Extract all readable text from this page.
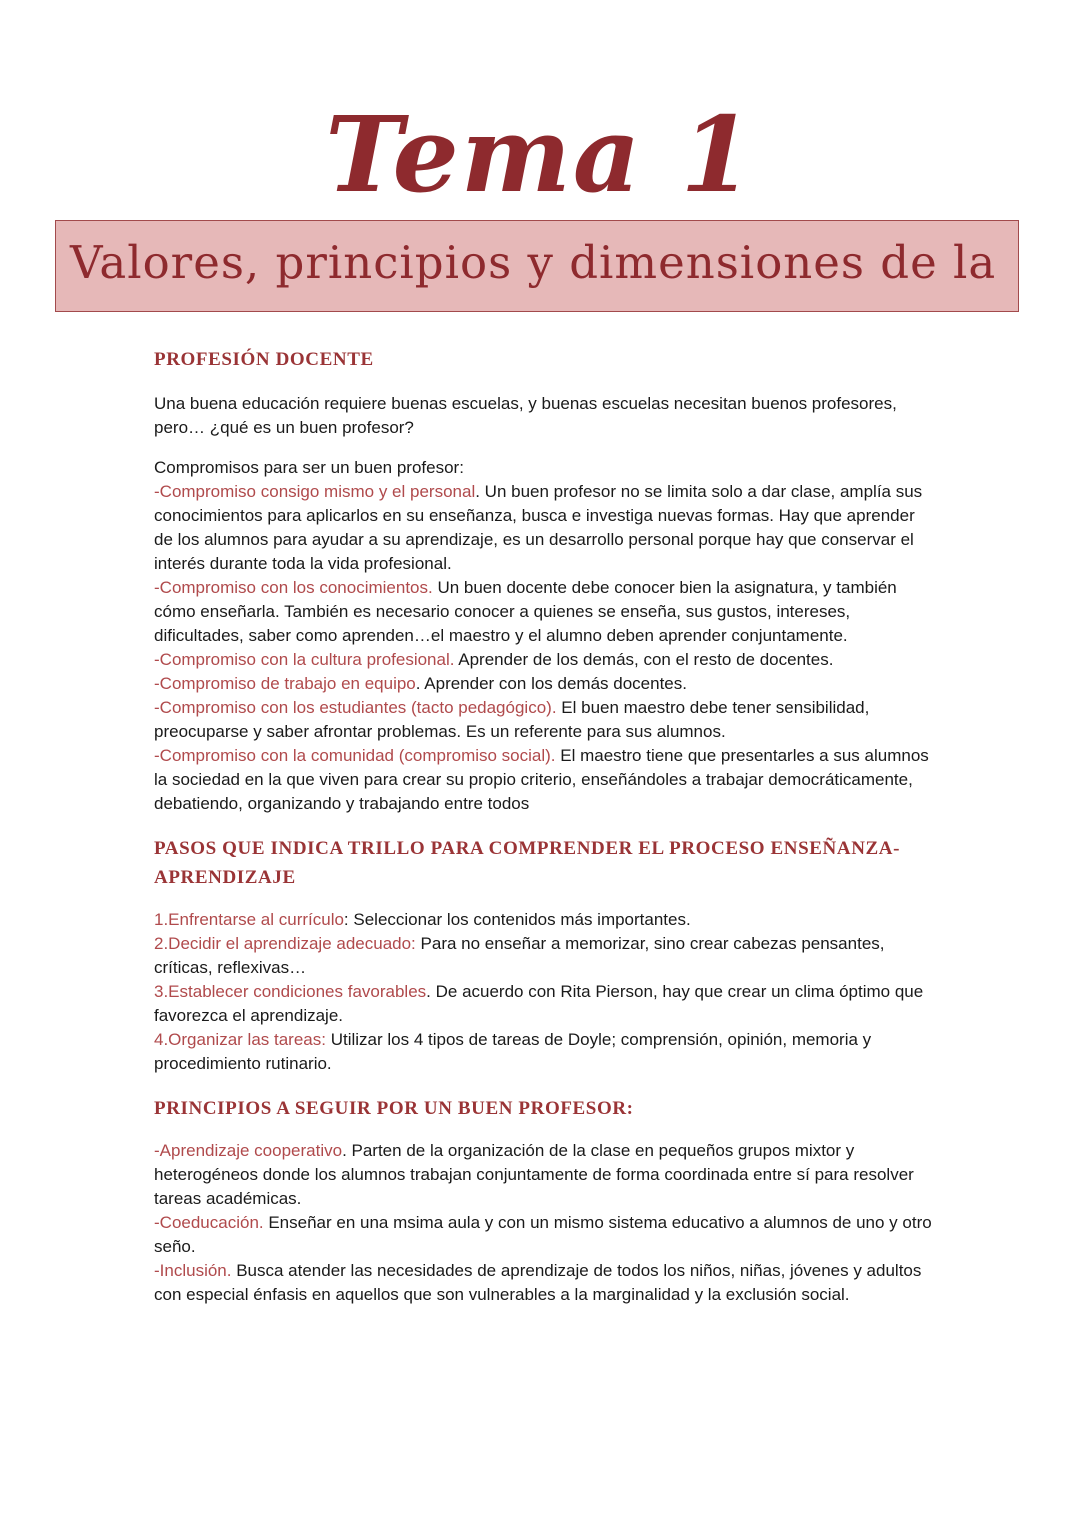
Tema 1
Valores, principios y dimensiones de la
PROFESIÓN DOCENTE

Una buena educación requiere buenas escuelas, y buenas escuelas necesitan buenos profesores, pero… ¿qué es un buen profesor?

Compromisos para ser un buen profesor:

-Compromiso consigo mismo y el personal. Un buen profesor no se limita solo a dar clase, amplía sus conocimientos para aplicarlos en su enseñanza, busca e investiga nuevas formas. Hay que aprender de los alumnos para ayudar a su aprendizaje, es un desarrollo personal porque hay que conservar el interés durante toda la vida profesional.

-Compromiso con los conocimientos. Un buen docente debe conocer bien la asignatura, y también cómo enseñarla. También es necesario conocer a quienes se enseña, sus gustos, intereses, dificultades, saber como aprenden…el maestro y el alumno deben aprender conjuntamente.

-Compromiso con la cultura profesional. Aprender de los demás, con el resto de docentes.

-Compromiso de trabajo en equipo. Aprender con los demás docentes.

-Compromiso con los estudiantes (tacto pedagógico). El buen maestro debe tener sensibilidad, preocuparse y saber afrontar problemas. Es un referente para sus alumnos.

-Compromiso con la comunidad (compromiso social). El maestro tiene que presentarles a sus alumnos la sociedad en la que viven para crear su propio criterio, enseñándoles a trabajar democráticamente, debatiendo, organizando y trabajando entre todos

PASOS QUE INDICA TRILLO PARA COMPRENDER EL PROCESO ENSEÑANZA-APRENDIZAJE

1.Enfrentarse al currículo: Seleccionar los contenidos más importantes.

2.Decidir el aprendizaje adecuado: Para no enseñar a memorizar, sino crear cabezas pensantes, críticas, reflexivas…

3.Establecer condiciones favorables. De acuerdo con Rita Pierson, hay que crear un clima óptimo que favorezca el aprendizaje.

4.Organizar las tareas: Utilizar los 4 tipos de tareas de Doyle; comprensión, opinión, memoria y procedimiento rutinario.

PRINCIPIOS A SEGUIR POR UN BUEN PROFESOR:

-Aprendizaje cooperativo. Parten de la organización de la clase en pequeños grupos mixtor y heterogéneos donde los alumnos trabajan conjuntamente de forma coordinada entre sí para resolver tareas académicas.

-Coeducación. Enseñar en una msima aula y con un mismo sistema educativo a alumnos de uno y otro seño.

-Inclusión. Busca atender las necesidades de aprendizaje de todos los niños, niñas, jóvenes y adultos con especial énfasis en aquellos que son vulnerables a la marginalidad y la exclusión social.
